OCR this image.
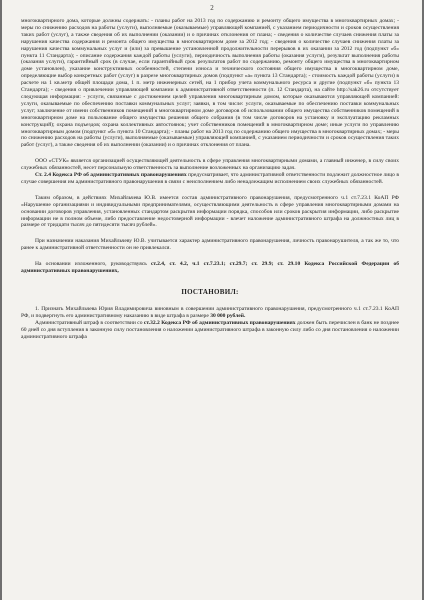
2

многоквартирного дома, которые должны содержать: - планы работ на 2013 год по содержанию и ремонту общего имущества в многоквартирных домах; - меры по снижению расходов на работы (услуги), выполняемые (оказываемые) управляющей компанией, с указанием периодичности и сроков осуществления таких работ (услуг), а также сведения об их выполнении (оказании) и о причинах отклонения от плана; - сведения о количестве случаев снижения платы за нарушения качества содержания и ремонта общего имущества в многоквартирном доме за 2012 год; - сведения о количестве случаев снижения платы за нарушения качества коммунальных услуг и (или) за превышение установленной продолжительности перерывов в их оказании за 2012 год (подпункт «б» пункта 11 Стандарта); - описание содержания каждой работы (услуги), периодичность выполнения работы (оказания услуги), результат выполнения работы (оказания услуги), гарантийный срок (в случае, если гарантийный срок результатов работ по содержанию, ремонту общего имущества в многоквартирном доме установлен), указание конструктивных особенностей, степени износа и технического состояния общего имущества в многоквартирном доме, определяющие выбор конкретных работ (услуг) в разрезе многоквартирных домов (подпункт «а» пункта 13 Стандарта); - стоимость каждой работы (услуги) в расчете на 1 кв.метр общей площади дома, 1 п. метр инженерных сетей, на 1 прибор учета коммунального ресурса и другие (подпункт «б» пункта 13 Стандарта); - сведения о привлечении управляющей компании к административной ответственности (п. 12 Стандарта), на сайте http://sak26.ru отсутствует следующая информация: - услуги, связанные с достижением целей управления многоквартирным домом, которые оказываются управляющей компанией: услуги, оказываемые по обеспечению поставки коммунальных услуг; заявки, в том числе: услуги, оказываемые по обеспечению поставки коммунальных услуг; заключение от имени собственников помещений в многоквартирном доме договоров об использовании общего имущества собственников помещений в многоквартирном доме на пользование общего имущества решения общего собрания (в том числе договоров на установку и эксплуатацию рекламных конструкций); охрана подъездов; охрана коллективных автостоянок; учет собственников помещений в многоквартирном доме; иные услуги по управлению многоквартирным домом (подпункт «б» пункта 10 Стандарта); - планы работ на 2013 год по содержанию общего имущества в многоквартирных домах; - меры по снижению расходов на работы (услуги), выполняемые (оказываемые) управляющей компанией, с указанием периодичности и сроков осуществления таких работ (услуг), а также сведения об их выполнении (оказании) и о причинах отклонения от плана.

ООО «СТУК» является организацией осуществляющей деятельность в сфере управления многоквартирными домами, а главный инженер, в силу своих служебных обязанностей, несет персональную ответственность за выполнение возложенных на организацию задач.

Ст. 2.4 Кодекса РФ об административных правонарушениях предусматривает, что административной ответственности подлежит должностное лицо в случае совершения им административного правонарушения в связи с неисполнением либо ненадлежащим исполнением своих служебных обязанностей.

Таким образом, в действиях Михайльчева Ю.В. имеется состав административного правонарушения, предусмотренного ч.1 ст.7.23.1 КоАП РФ «Нарушение организациями и индивидуальными предпринимателями, осуществляющими деятельность в сфере управления многоквартирными домами на основании договоров управления, установленных стандартом раскрытия информации порядка, способов или сроков раскрытия информации, либо раскрытие информации не в полном объеме, либо предоставление недостоверной информации - влечет наложение административного штрафа на должностных лиц в размере от тридцати тысяч до пятидесяти тысяч рублей».

При назначении наказания Михайльчеву Ю.В. учитывается характер административного правонарушения, личность правонарушителя, а так же то, что ранее к административной ответственности он не привлекался.

На основании изложенного, руководствуясь ст.2.4, ст. 4.2, ч.1 ст.7.23.1; ст.29.7; ст. 29.9; ст. 29.10 Кодекса Российской Федерации об административных правонарушениях,

ПОСТАНОВИЛ:

1. Признать Михайльчева Юрия Владимировича виновным в совершении административного правонарушения, предусмотренного ч.1 ст.7.23.1 КоАП РФ, и подвергнуть его административному наказанию в виде штрафа в размере 30 000 рублей.

Административный штраф в соответствии со ст.32.2 Кодекса РФ об административных правонарушениях должен быть перечислен в банк не позднее 60 дней со дня вступления в законную силу постановления о наложении административного штрафа в законную силу либо со дня постановления о наложении административного штрафа
